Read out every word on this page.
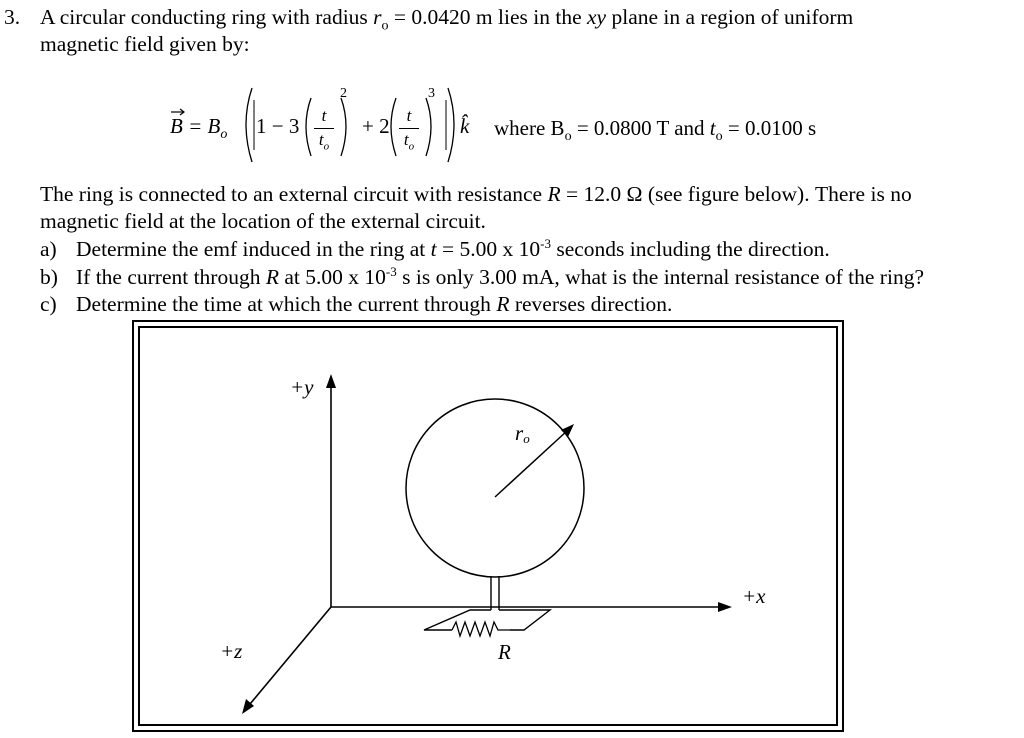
3. A circular conducting ring with radius $r_o = 0.0420$ m lies in the xy plane in a region of uniform
magnetic field given by:
$B = B_o$ 1 − 3	t
$t_o$
2
+ 2	t
$t_o$
3
k̂ where $B_o = 0.0800$ T and $t_o = 0.0100$ s
The ring is connected to an external circuit with resistance R = 12.0 Ω (see figure below). There is no
magnetic field at the location of the external circuit.
a) Determine the emf induced in the ring at t = 5.00 x $10^{-3}$ seconds including the direction.
b) If the current through R at 5.00 x $10^{-3}$ s is only 3.00 mA, what is the internal resistance of the ring?
c) Determine the time at which the current through R reverses direction.
+y
+x
+z
ro
R
